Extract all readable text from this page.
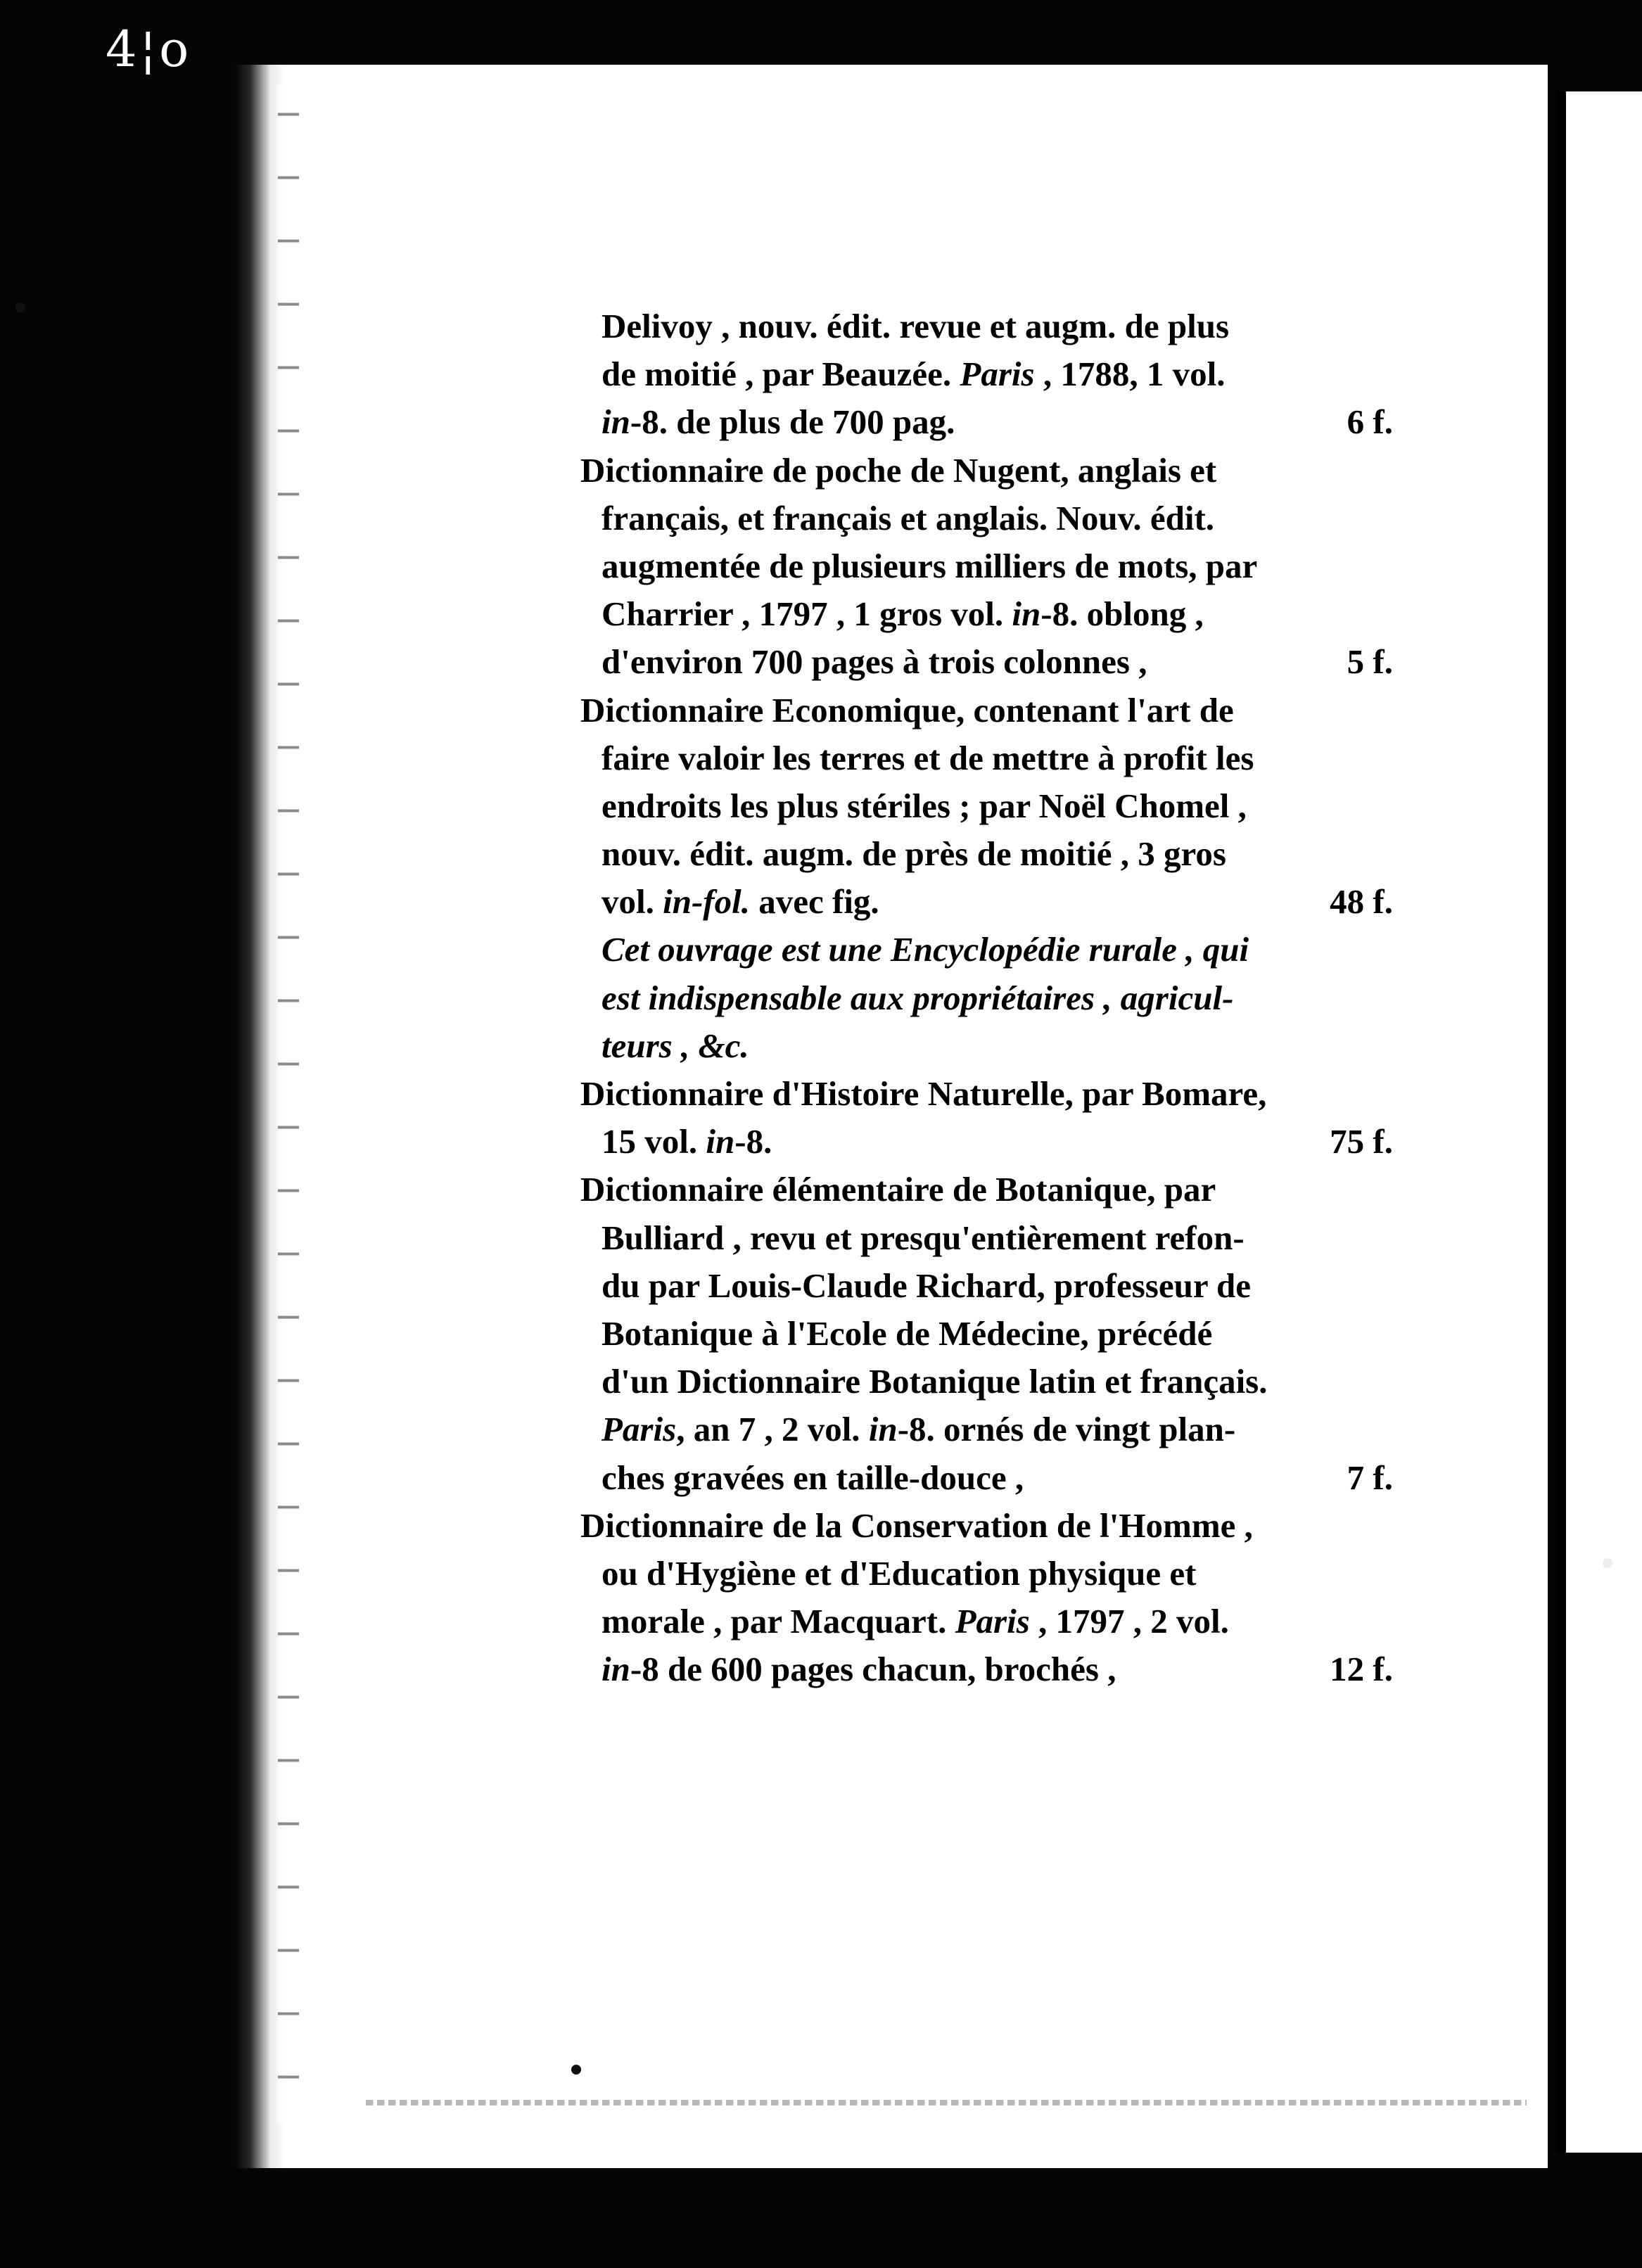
4¦o
Delivoy , nouv. édit. revue et augm. de plus
de moitié , par Beauzée. Paris , 1788, 1 vol.
in-8. de plus de 700 pag.	6 f.
Dictionnaire de poche de Nugent, anglais et
français, et français et anglais. Nouv. édit.
augmentée de plusieurs milliers de mots, par
Charrier , 1797 , 1 gros vol. in-8. oblong ,
d'environ 700 pages à trois colonnes ,	5 f.
Dictionnaire Economique, contenant l'art de
faire valoir les terres et de mettre à profit les
endroits les plus stériles ; par Noël Chomel ,
nouv. édit. augm. de près de moitié , 3 gros
vol. in-fol. avec fig.	48 f.
Cet ouvrage est une Encyclopédie rurale , qui
est indispensable aux propriétaires , agricul-
teurs , &c.
Dictionnaire d'Histoire Naturelle, par Bomare,
15 vol. in-8.	75 f.
Dictionnaire élémentaire de Botanique, par
Bulliard , revu et presqu'entièrement refon-
du par Louis-Claude Richard, professeur de
Botanique à l'Ecole de Médecine, précédé
d'un Dictionnaire Botanique latin et français.
Paris, an 7 , 2 vol. in-8. ornés de vingt plan-
ches gravées en taille-douce ,	7 f.
Dictionnaire de la Conservation de l'Homme ,
ou d'Hygiène et d'Education physique et
morale , par Macquart. Paris , 1797 , 2 vol.
in-8 de 600 pages chacun, brochés ,	12 f.
